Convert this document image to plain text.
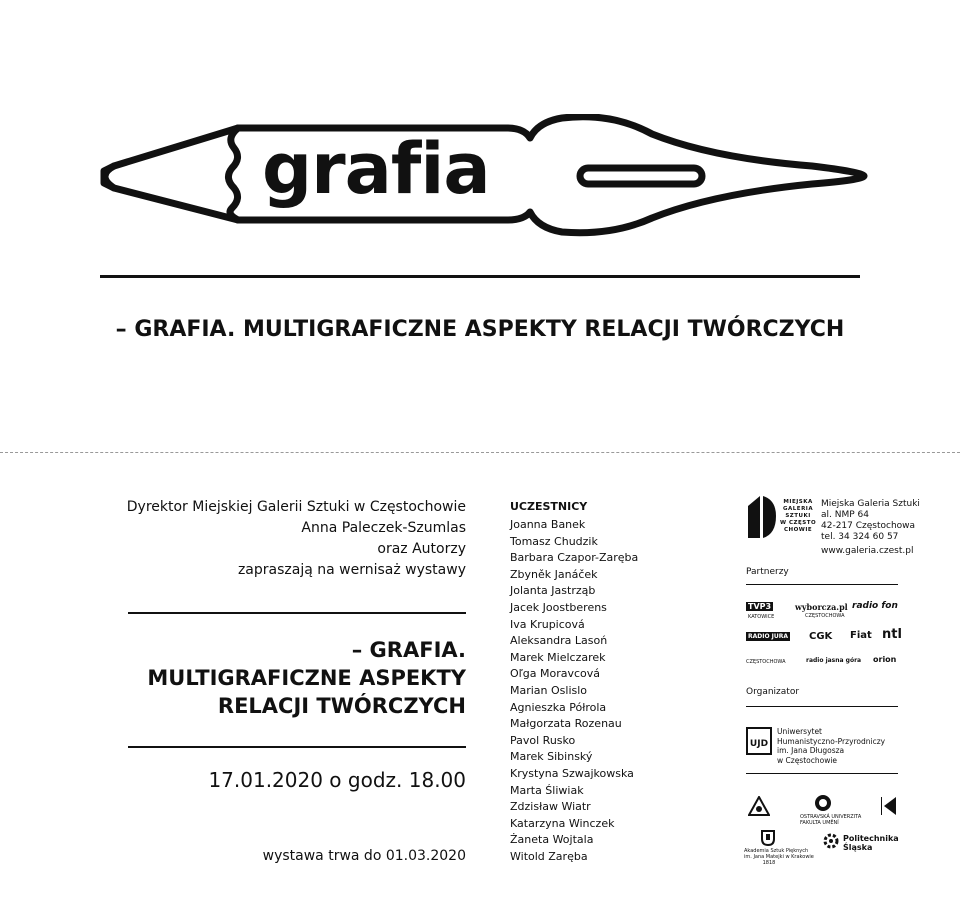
grafia
– GRAFIA. MULTIGRAFICZNE ASPEKTY RELACJI TWÓRCZYCH
Dyrektor Miejskiej Galerii Sztuki w Częstochowie
Anna Paleczek-Szumlas
oraz Autorzy
zapraszają na wernisaż wystawy
– GRAFIA.
MULTIGRAFICZNE ASPEKTY
RELACJI TWÓRCZYCH
17.01.2020 o godz. 18.00
wystawa trwa do 01.03.2020
UCZESTNICY
Joanna Banek
Tomasz Chudzik
Barbara Czapor-Zaręba
Zbyněk Janáček
Jolanta Jastrząb
Jacek Joostberens
Iva Krupicová
Aleksandra Lasoń
Marek Mielczarek
Oľga Moravcová
Marian Oslislo
Agnieszka Półrola
Małgorzata Rozenau
Pavol Rusko
Marek Sibinský
Krystyna Szwajkowska
Marta Śliwiak
Zdzisław Wiatr
Katarzyna Winczek
Żaneta Wojtala
Witold Zaręba
MIEJSKA
GALERIA
SZTUKI
W CZĘSTO
CHOWIE
Miejska Galeria Sztuki
al. NMP 64
42-217 Częstochowa
tel. 34 324 60 57
www.galeria.czest.pl
Partnerzy
TVP3
KATOWICE
wyborcza.pl
CZĘSTOCHOWA
radio fon
RADIO JURA CGK Fiat ntl
CZĘSTOCHOWA	radio jasna góra orion
Organizator
UJD
Uniwersytet
Humanistyczno-Przyrodniczy
im. Jana Długosza
w Częstochowie
OSTRAVSKÁ UNIVERZITA
FAKULTA UMĚNÍ
Akademia Sztuk Pięknych
im. Jana Matejki w Krakowie
1818
Politechnika
Śląska
